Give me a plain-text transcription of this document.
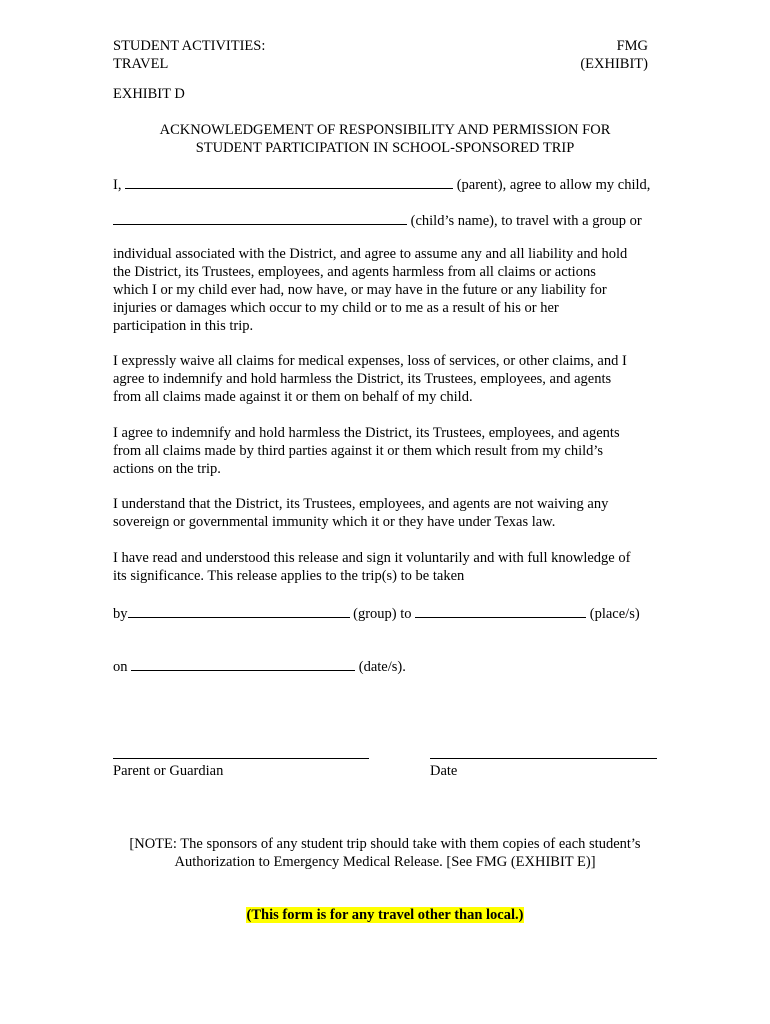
STUDENT ACTIVITIES:
TRAVEL
FMG
(EXHIBIT)
EXHIBIT D
ACKNOWLEDGEMENT OF RESPONSIBILITY AND PERMISSION FOR
STUDENT PARTICIPATION IN SCHOOL-SPONSORED TRIP
I,	(parent), agree to allow my child,
(child’s name), to travel with a group or
individual associated with the District, and agree to assume any and all liability and hold
the District, its Trustees, employees, and agents harmless from all claims or actions
which I or my child ever had, now have, or may have in the future or any liability for
injuries or damages which occur to my child or to me as a result of his or her
participation in this trip.
I expressly waive all claims for medical expenses, loss of services, or other claims, and I
agree to indemnify and hold harmless the District, its Trustees, employees, and agents
from all claims made against it or them on behalf of my child.
I agree to indemnify and hold harmless the District, its Trustees, employees, and agents
from all claims made by third parties against it or them which result from my child’s
actions on the trip.
I understand that the District, its Trustees, employees, and agents are not waiving any
sovereign or governmental immunity which it or they have under Texas law.
I have read and understood this release and sign it voluntarily and with full knowledge of
its significance. This release applies to the trip(s) to be taken
by	(group) to	(place/s)
on	(date/s).
Parent or Guardian	Date
[NOTE: The sponsors of any student trip should take with them copies of each student’s
Authorization to Emergency Medical Release. [See FMG (EXHIBIT E)]
(This form is for any travel other than local.)
